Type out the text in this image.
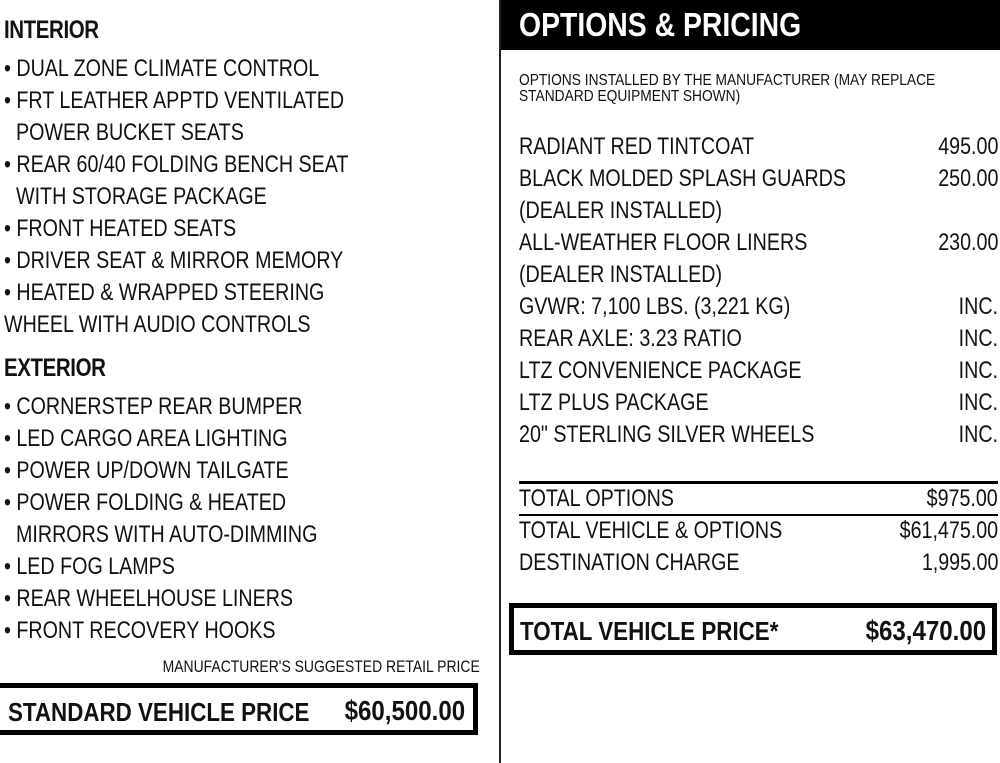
INTERIOR
• DUAL ZONE CLIMATE CONTROL
• FRT LEATHER APPTD VENTILATED
POWER BUCKET SEATS
• REAR 60/40 FOLDING BENCH SEAT
WITH STORAGE PACKAGE
• FRONT HEATED SEATS
• DRIVER SEAT & MIRROR MEMORY
• HEATED & WRAPPED STEERING
WHEEL WITH AUDIO CONTROLS
EXTERIOR
• CORNERSTEP REAR BUMPER
• LED CARGO AREA LIGHTING
• POWER UP/DOWN TAILGATE
• POWER FOLDING & HEATED
MIRRORS WITH AUTO-DIMMING
• LED FOG LAMPS
• REAR WHEELHOUSE LINERS
• FRONT RECOVERY HOOKS
MANUFACTURER'S SUGGESTED RETAIL PRICE
STANDARD VEHICLE PRICE $60,500.00
OPTIONS & PRICING
OPTIONS INSTALLED BY THE MANUFACTURER (MAY REPLACE
STANDARD EQUIPMENT SHOWN)
RADIANT RED TINTCOAT	495.00
BLACK MOLDED SPLASH GUARDS	250.00
(DEALER INSTALLED)
ALL-WEATHER FLOOR LINERS	230.00
(DEALER INSTALLED)
GVWR: 7,100 LBS. (3,221 KG)	INC.
REAR AXLE: 3.23 RATIO	INC.
LTZ CONVENIENCE PACKAGE	INC.
LTZ PLUS PACKAGE	INC.
20" STERLING SILVER WHEELS	INC.
TOTAL OPTIONS	$975.00
TOTAL VEHICLE & OPTIONS	$61,475.00
DESTINATION CHARGE	1,995.00
TOTAL VEHICLE PRICE*	$63,470.00
